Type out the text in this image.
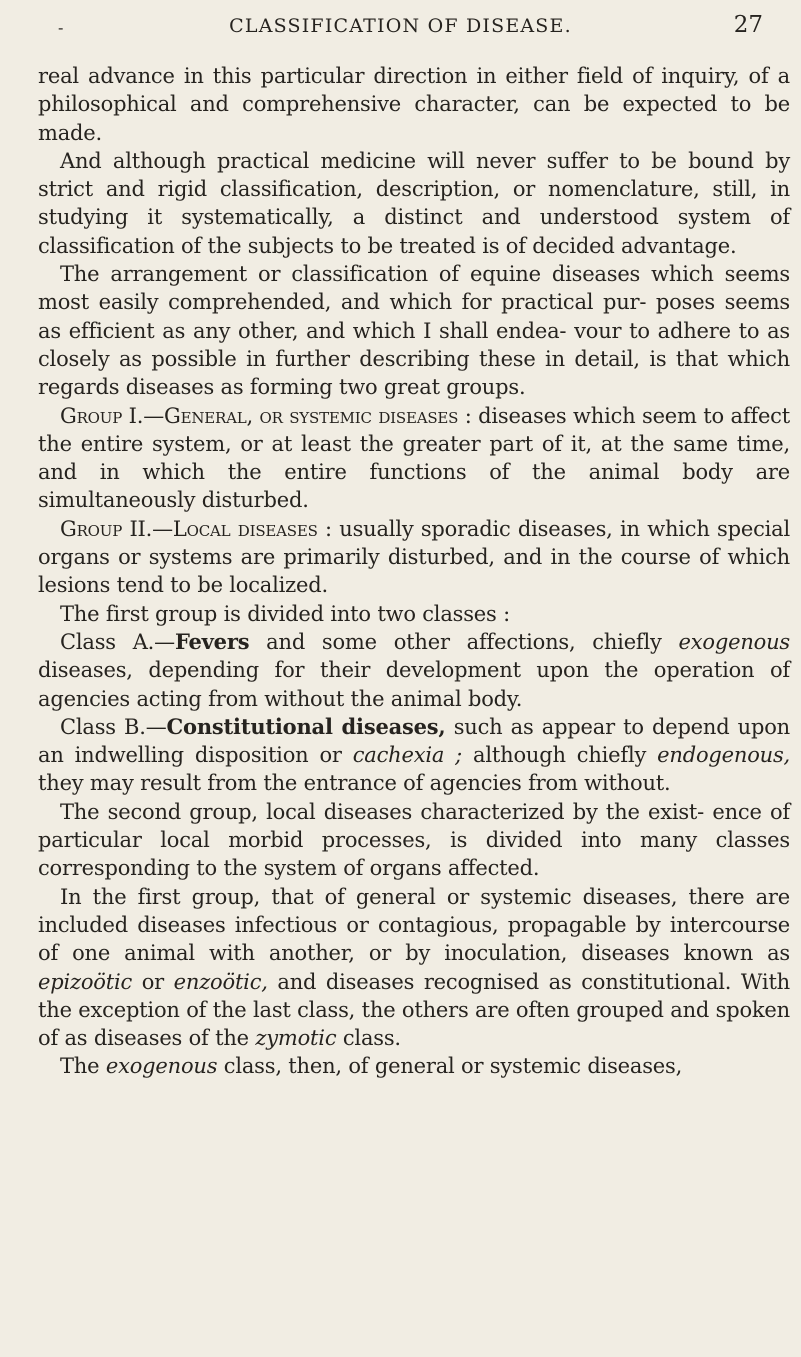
-	CLASSIFICATION OF DISEASE.	27

real advance in this particular direction in either field of inquiry, of a philosophical and comprehensive character, can be expected to be made.

And although practical medicine will never suffer to be bound by strict and rigid classification, description, or nomenclature, still, in studying it systematically, a distinct and understood system of classification of the subjects to be treated is of decided advantage.

The arrangement or classification of equine diseases which seems most easily comprehended, and which for practical pur- poses seems as efficient as any other, and which I shall endea- vour to adhere to as closely as possible in further describing these in detail, is that which regards diseases as forming two great groups.

Group I.—General, or systemic diseases : diseases which seem to affect the entire system, or at least the greater part of it, at the same time, and in which the entire functions of the animal body are simultaneously disturbed.

Group II.—Local diseases : usually sporadic diseases, in which special organs or systems are primarily disturbed, and in the course of which lesions tend to be localized.

The first group is divided into two classes :

Class A.—Fevers and some other affections, chiefly exogenous diseases, depending for their development upon the operation of agencies acting from without the animal body.

Class B.—Constitutional diseases, such as appear to depend upon an indwelling disposition or cachexia ; although chiefly endogenous, they may result from the entrance of agencies from without.

The second group, local diseases characterized by the exist- ence of particular local morbid processes, is divided into many classes corresponding to the system of organs affected.

In the first group, that of general or systemic diseases, there are included diseases infectious or contagious, propagable by intercourse of one animal with another, or by inoculation, diseases known as epizoötic or enzoötic, and diseases recognised as constitutional. With the exception of the last class, the others are often grouped and spoken of as diseases of the zymotic class.

The exogenous class, then, of general or systemic diseases,
